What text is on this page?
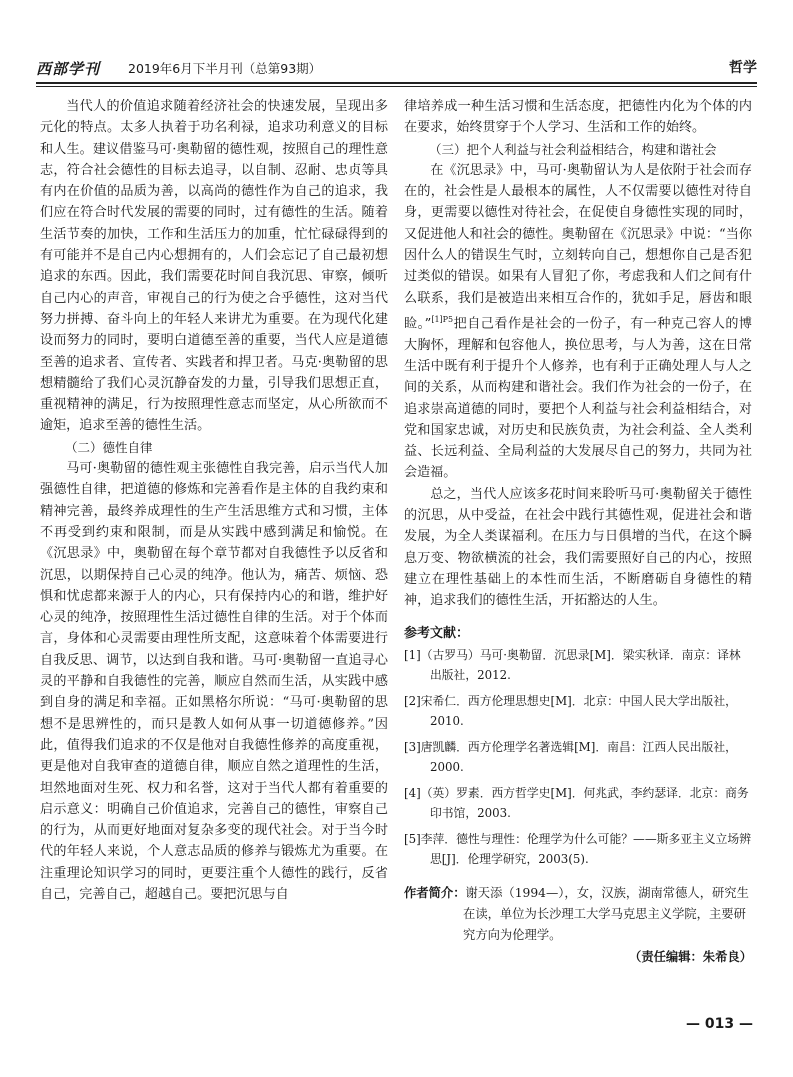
西部学刊 2019年6月下半月刊（总第93期）	哲学

当代人的价值追求随着经济社会的快速发展，呈现出多元化的特点。太多人执着于功名利禄，追求功利意义的目标和人生。建议借鉴马可·奥勒留的德性观，按照自己的理性意志，符合社会德性的目标去追寻，以自制、忍耐、忠贞等具有内在价值的品质为善，以高尚的德性作为自己的追求，我们应在符合时代发展的需要的同时，过有德性的生活。随着生活节奏的加快，工作和生活压力的加重，忙忙碌碌得到的有可能并不是自己内心想拥有的，人们会忘记了自己最初想追求的东西。因此，我们需要花时间自我沉思、审察，倾听自己内心的声音，审视自己的行为使之合乎德性，这对当代努力拼搏、奋斗向上的年轻人来讲尤为重要。在为现代化建设而努力的同时，要明白道德至善的重要，当代人应是道德至善的追求者、宣传者、实践者和捍卫者。马克·奥勒留的思想精髓给了我们心灵沉静奋发的力量，引导我们思想正直，重视精神的满足，行为按照理性意志而坚定，从心所欲而不逾矩，追求至善的德性生活。

（二）德性自律

马可·奥勒留的德性观主张德性自我完善，启示当代人加强德性自律，把道德的修炼和完善看作是主体的自我约束和精神完善，最终养成理性的生产生活思维方式和习惯，主体不再受到约束和限制，而是从实践中感到满足和愉悦。在《沉思录》中，奥勒留在每个章节都对自我德性予以反省和沉思，以期保持自己心灵的纯净。他认为，痛苦、烦恼、恐惧和忧虑都来源于人的内心，只有保持内心的和谐，维护好心灵的纯净，按照理性生活过德性自律的生活。对于个体而言，身体和心灵需要由理性所支配，这意味着个体需要进行自我反思、调节，以达到自我和谐。马可·奥勒留一直追寻心灵的平静和自我德性的完善，顺应自然而生活，从实践中感到自身的满足和幸福。正如黑格尔所说：“马可·奥勒留的思想不是思辨性的，而只是教人如何从事一切道德修养。”因此，值得我们追求的不仅是他对自我德性修养的高度重视，更是他对自我审查的道德自律，顺应自然之道理性的生活，坦然地面对生死、权力和名誉，这对于当代人都有着重要的启示意义：明确自己价值追求，完善自己的德性，审察自己的行为，从而更好地面对复杂多变的现代社会。对于当今时代的年轻人来说，个人意志品质的修养与锻炼尤为重要。在注重理论知识学习的同时，更要注重个人德性的践行，反省自己，完善自己，超越自己。要把沉思与自

律培养成一种生活习惯和生活态度，把德性内化为个体的内在要求，始终贯穿于个人学习、生活和工作的始终。

（三）把个人利益与社会利益相结合，构建和谐社会

在《沉思录》中，马可·奥勒留认为人是依附于社会而存在的，社会性是人最根本的属性，人不仅需要以德性对待自身，更需要以德性对待社会，在促使自身德性实现的同时，又促进他人和社会的德性。奥勒留在《沉思录》中说：“当你因什么人的错误生气时，立刻转向自己，想想你自己是否犯过类似的错误。如果有人冒犯了你，考虑我和人们之间有什么联系，我们是被造出来相互合作的，犹如手足，唇齿和眼睑。”$^{[1]P5}$把自己看作是社会的一份子，有一种克己容人的博大胸怀，理解和包容他人，换位思考，与人为善，这在日常生活中既有利于提升个人修养，也有利于正确处理人与人之间的关系，从而构建和谐社会。我们作为社会的一份子，在追求崇高道德的同时，要把个人利益与社会利益相结合，对党和国家忠诚，对历史和民族负责，为社会利益、全人类利益、长远利益、全局利益的大发展尽自己的努力，共同为社会造福。

总之，当代人应该多花时间来聆听马可·奥勒留关于德性的沉思，从中受益，在社会中践行其德性观，促进社会和谐发展，为全人类谋福利。在压力与日俱增的当代，在这个瞬息万变、物欲横流的社会，我们需要照好自己的内心，按照建立在理性基础上的本性而生活，不断磨砺自身德性的精神，追求我们的德性生活，开拓豁达的人生。

参考文献：
[1]（古罗马）马可·奥勒留．沉思录[M]．梁实秋译．南京：译林出版社，2012.
[2]宋希仁．西方伦理思想史[M]．北京：中国人民大学出版社，2010.
[3]唐凯麟．西方伦理学名著选辑[M]．南昌：江西人民出版社，2000.
[4]（英）罗素．西方哲学史[M]．何兆武，李约瑟译．北京：商务印书馆，2003.
[5]李萍．德性与理性：伦理学为什么可能？——斯多亚主义立场辨思[J]．伦理学研究，2003(5).
作者简介：谢天添（1994—），女，汉族，湖南常德人，研究生在读，单位为长沙理工大学马克思主义学院，主要研究方向为伦理学。
（责任编辑：朱希良）
— 013 —
